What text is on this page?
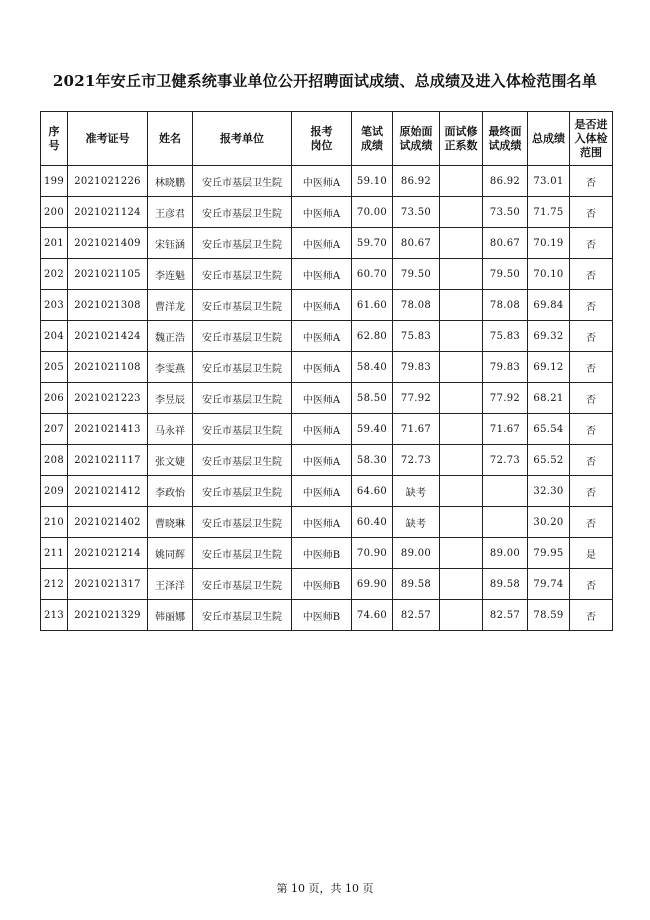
2021年安丘市卫健系统事业单位公开招聘面试成绩、总成绩及进入体检范围名单
序号	准考证号	姓名	报考单位	报考岗位	笔试成绩	原始面试成绩	面试修正系数	最终面试成绩	总成绩	是否进入体检范围
199	2021021226	林晓鹏	安丘市基层卫生院	中医师A	59.10	86.92		86.92	73.01	否
200	2021021124	王彦君	安丘市基层卫生院	中医师A	70.00	73.50		73.50	71.75	否
201	2021021409	宋钰涵	安丘市基层卫生院	中医师A	59.70	80.67		80.67	70.19	否
202	2021021105	李连魁	安丘市基层卫生院	中医师A	60.70	79.50		79.50	70.10	否
203	2021021308	曹洋龙	安丘市基层卫生院	中医师A	61.60	78.08		78.08	69.84	否
204	2021021424	魏正浩	安丘市基层卫生院	中医师A	62.80	75.83		75.83	69.32	否
205	2021021108	李雯燕	安丘市基层卫生院	中医师A	58.40	79.83		79.83	69.12	否
206	2021021223	李昱辰	安丘市基层卫生院	中医师A	58.50	77.92		77.92	68.21	否
207	2021021413	马永祥	安丘市基层卫生院	中医师A	59.40	71.67		71.67	65.54	否
208	2021021117	张文婕	安丘市基层卫生院	中医师A	58.30	72.73		72.73	65.52	否
209	2021021412	李政怡	安丘市基层卫生院	中医师A	64.60	缺考			32.30	否
210	2021021402	曹晓琳	安丘市基层卫生院	中医师A	60.40	缺考			30.20	否
211	2021021214	姚同辉	安丘市基层卫生院	中医师B	70.90	89.00		89.00	79.95	是
212	2021021317	王泽洋	安丘市基层卫生院	中医师B	69.90	89.58		89.58	79.74	否
213	2021021329	韩丽娜	安丘市基层卫生院	中医师B	74.60	82.57		82.57	78.59	否
第 10 页，共 10 页
